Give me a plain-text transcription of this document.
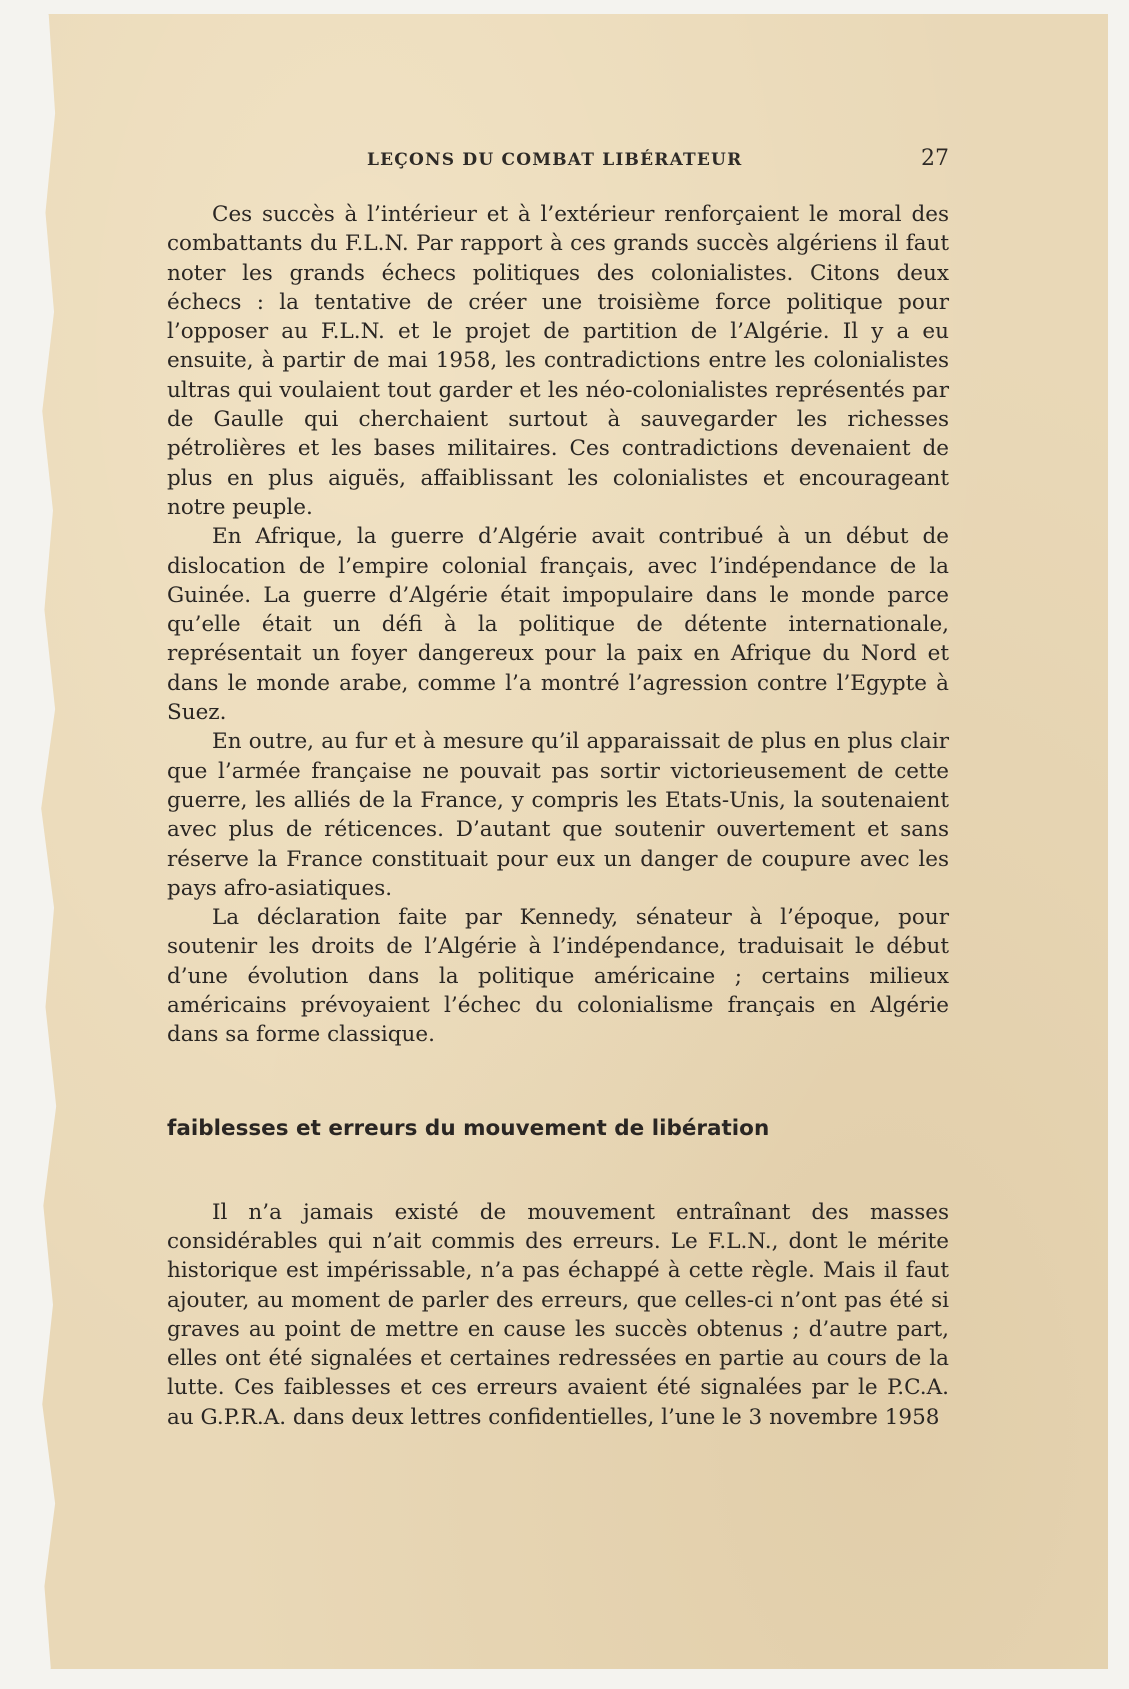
LEÇONS DU COMBAT LIBÉRATEUR	27

Ces succès à l’intérieur et à l’extérieur renforçaient le moral des combattants du F.L.N. Par rapport à ces grands succès algériens il faut noter les grands échecs politiques des colonialistes. Citons deux échecs : la tentative de créer une troisième force politique pour l’opposer au F.L.N. et le projet de partition de l’Algérie. Il y a eu ensuite, à partir de mai 1958, les contradictions entre les colonialistes ultras qui voulaient tout garder et les néo-colonialistes représentés par de Gaulle qui cherchaient surtout à sauvegarder les richesses pétrolières et les bases militaires. Ces contradictions devenaient de plus en plus aiguës, affaiblissant les colonialistes et encourageant notre peuple.

En Afrique, la guerre d’Algérie avait contribué à un début de dislocation de l’empire colonial français, avec l’indépendance de la Guinée. La guerre d’Algérie était impopulaire dans le monde parce qu’elle était un défi à la politique de détente internationale, représentait un foyer dangereux pour la paix en Afrique du Nord et dans le monde arabe, comme l’a montré l’agression contre l’Egypte à Suez.

En outre, au fur et à mesure qu’il apparaissait de plus en plus clair que l’armée française ne pouvait pas sortir victorieusement de cette guerre, les alliés de la France, y compris les Etats-Unis, la soutenaient avec plus de réticences. D’autant que soutenir ouvertement et sans réserve la France constituait pour eux un danger de coupure avec les pays afro-asiatiques.

La déclaration faite par Kennedy, sénateur à l’époque, pour soutenir les droits de l’Algérie à l’indépendance, traduisait le début d’une évolution dans la politique américaine ; certains milieux américains prévoyaient l’échec du colonialisme français en Algérie dans sa forme classique.

faiblesses et erreurs du mouvement de libération

Il n’a jamais existé de mouvement entraînant des masses considérables qui n’ait commis des erreurs. Le F.L.N., dont le mérite historique est impérissable, n’a pas échappé à cette règle. Mais il faut ajouter, au moment de parler des erreurs, que celles-ci n’ont pas été si graves au point de mettre en cause les succès obtenus ; d’autre part, elles ont été signalées et certaines redressées en partie au cours de la lutte. Ces faiblesses et ces erreurs avaient été signalées par le P.C.A. au G.P.R.A. dans deux lettres confidentielles, l’une le 3 novembre 1958
